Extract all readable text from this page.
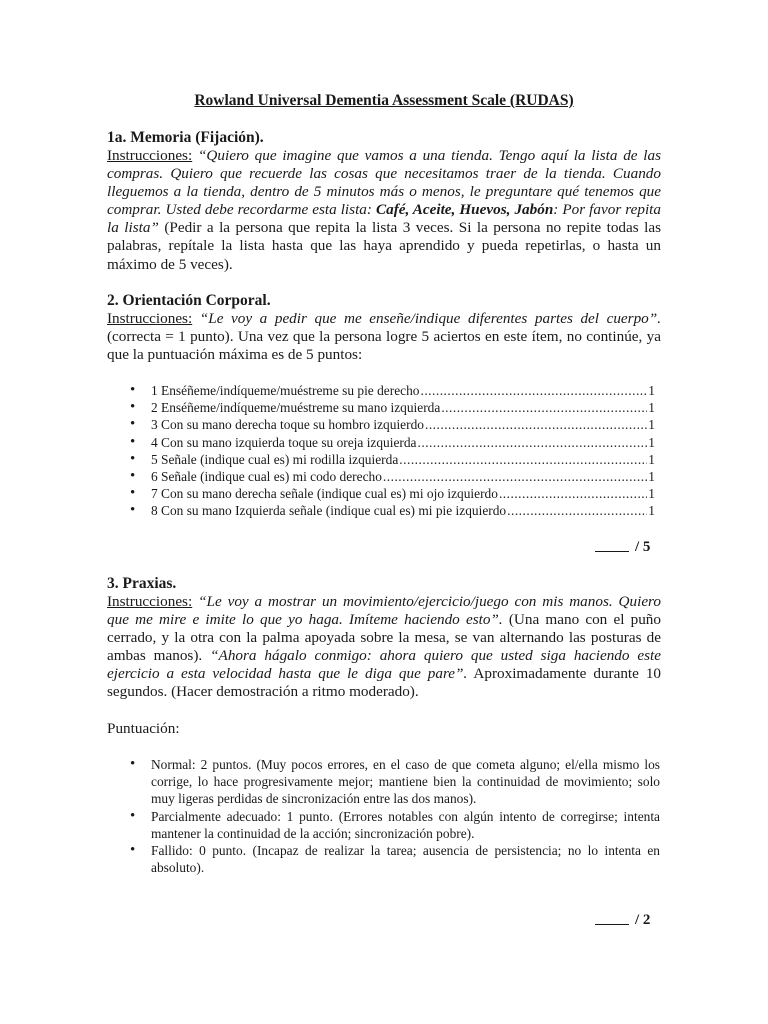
Rowland Universal Dementia Assessment Scale (RUDAS)

1a. Memoria (Fijación).

Instrucciones: “Quiero que imagine que vamos a una tienda. Tengo aquí la lista de las compras. Quiero que recuerde las cosas que necesitamos traer de la tienda. Cuando lleguemos a la tienda, dentro de 5 minutos más o menos, le preguntare qué tenemos que comprar. Usted debe recordarme esta lista: Café, Aceite, Huevos, Jabón: Por favor repita la lista” (Pedir a la persona que repita la lista 3 veces. Si la persona no repite todas las palabras, repítale la lista hasta que las haya aprendido y pueda repetirlas, o hasta un máximo de 5 veces).

2. Orientación Corporal.

Instrucciones: “Le voy a pedir que me enseñe/indique diferentes partes del cuerpo”. (correcta = 1 punto). Una vez que la persona logre 5 aciertos en este ítem, no continúe, ya que la puntuación máxima es de 5 puntos:

• 1 Enséñeme/indíqueme/muéstreme su pie derecho .....	1
• 2 Enséñeme/indíqueme/muéstreme su mano izquierda .....	1
• 3 Con su mano derecha toque su hombro izquierdo .....	1
• 4 Con su mano izquierda toque su oreja izquierda .....	1
• 5 Señale (indique cual es) mi rodilla izquierda .....	1
• 6 Señale (indique cual es) mi codo derecho .....	1
• 7 Con su mano derecha señale (indique cual es) mi ojo izquierdo .....	1
• 8 Con su mano Izquierda señale (indique cual es) mi pie izquierdo .....	1
/ 5

3. Praxias.

Instrucciones: “Le voy a mostrar un movimiento/ejercicio/juego con mis manos. Quiero que me mire e imite lo que yo haga. Imíteme haciendo esto”. (Una mano con el puño cerrado, y la otra con la palma apoyada sobre la mesa, se van alternando las posturas de ambas manos). “Ahora hágalo conmigo: ahora quiero que usted siga haciendo este ejercicio a esta velocidad hasta que le diga que pare”. Aproximadamente durante 10 segundos. (Hacer demostración a ritmo moderado).

Puntuación:

• Normal: 2 puntos. (Muy pocos errores, en el caso de que cometa alguno; el/ella mismo los corrige, lo hace progresivamente mejor; mantiene bien la continuidad de movimiento; solo muy ligeras perdidas de sincronización entre las dos manos).
• Parcialmente adecuado: 1 punto. (Errores notables con algún intento de corregirse; intenta mantener la continuidad de la acción; sincronización pobre).
• Fallido: 0 punto. (Incapaz de realizar la tarea; ausencia de persistencia; no lo intenta en absoluto).
/ 2
